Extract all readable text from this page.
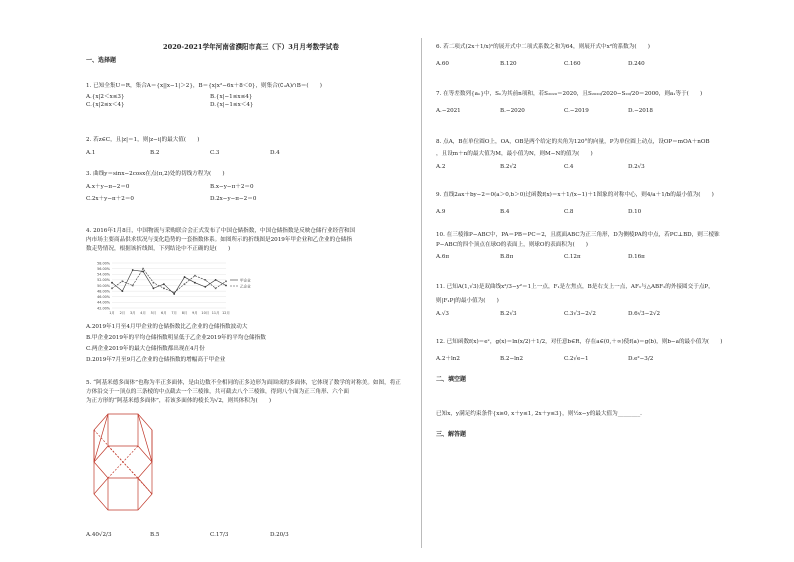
2020-2021学年河南省濮阳市高三（下）3月月考数学试卷
一、选择题
1. 已知全集U＝R，集合A＝{x||x−1|＞2}，B＝{x|x²−6x＋8＜0}，则集合(∁ᵤA)∩B＝(　　)
A.{x|2＜x≤3}	B.{x|−1≤x≤4}
C.{x|2≤x＜4}	D.{x|−1≤x＜4}
2. 若z∈C，且|z|＝1，则|z−i|的最大值(　　)
A.1	B.2	C.3	D.4
3. 曲线y＝sinx−2cosx在点(π,2)处的切线方程为(　　)
A.x＋y−π−2＝0	B.x−y−π＋2＝0
C.2x＋y−π＋2＝0	D.2x−y−π−2＝0
4. 2016年1月8日，中国物流与采购联合会正式发布了中国仓储指数，中国仓储指数是反映仓储行业经营和国
内市场主要商品供求状况与变化趋势的一套指数体系。如图所示的折线图是2019年甲企业和乙企业的仓储指
数走势情况，根据该折线图，下列结论中不正确的是(　　)
58.00%
56.00%
54.00%
52.00%
50.00%
48.00%
46.00%
44.00%
42.00%
1月 2月 3月 4月 5月 6月 7月 8月 9月 10月 11月 12月
甲企业
乙企业
A.2019年1月至4月甲企业的仓储指数比乙企业的仓储指数波动大
B.甲企业2019年的平均仓储指数明显低于乙企业2019年的平均仓储指数
C.两企业2019年的最大仓储指数都出现在4月份
D.2019年7月至9月乙企业的仓储指数的增幅高于甲企业
5. “阿基米德多面体”也称为半正多面体，是由边数不全相同的正多边形为面围成的多面体，它体现了数学的对称美。如图，将正
方体沿交于一顶点的三条棱的中点截去一个三棱锥，共可截去八个三棱锥，得到八个面为正三角形、六个面
为正方形的“阿基米德多面体”，若该多面体的棱长为√2，则其体积为(　　)
A.40√2/3	B.5	C.17/3	D.20/3
6. 若二项式(2x＋1/x)ⁿ的展开式中二项式系数之和为64，则展开式中x²的系数为(　　)
A.60	B.120	C.160	D.240
7. 在等差数列{aₙ}中，Sₙ为其前n项和，若S₂₀₂₀＝2020，且S₂₀₂₀/2020−S₂₀/20＝2000，则a₁等于(　　)
A.−2021	B.−2020	C.−2019	D.−2018
8. 点A，B在单位圆O上，OA，OB是两个给定的夹角为120°的向量，P为单位圆上动点，设OP＝mOA＋nOB
，且设m＋n的最大值为M，最小值为N，则M−N的值为(　　)
A.2	B.2√2	C.4	D.2√3
9. 直线2ax＋by−2＝0(a＞0,b＞0)过函数f(x)＝x＋1/(x−1)＋1图象的对称中心，则4/a＋1/b的最小值为(　　)
A.9	B.4	C.8	D.10
10. 在三棱锥P−ABC中，PA＝PB＝PC＝2，且底面ABC为正三角形，D为侧棱PA的中点，若PC⊥BD，则三棱锥
P−ABC的四个顶点在球O的表面上，则球O的表面积为(　　)
A.6π	B.8π	C.12π	D.16π
11. 已知A(1,√3)是双曲线x²/3−y²＝1上一点，F₁是左焦点，B是右支上一点，AF₁与△ABF₁的外接圆交于点P，
则|F₁P|的最小值为(　　)
A.√3	B.2√3	C.3√3−2√2	D.6√3−2√2
12. 已知函数f(x)＝eˣ，g(x)＝ln(x/2)＋1/2，对任意b∈R，存在a∈(0,＋∞)使f(a)＝g(b)，则b−a的最小值为(　　)
A.2＋ln2	B.2−ln2	C.2√e−1	D.e²−3/2
二、填空题
已知x，y满足约束条件{x≥0, x＋y≤1, 2x＋y≤3}，则½x−y的最大值为________.
三、解答题
